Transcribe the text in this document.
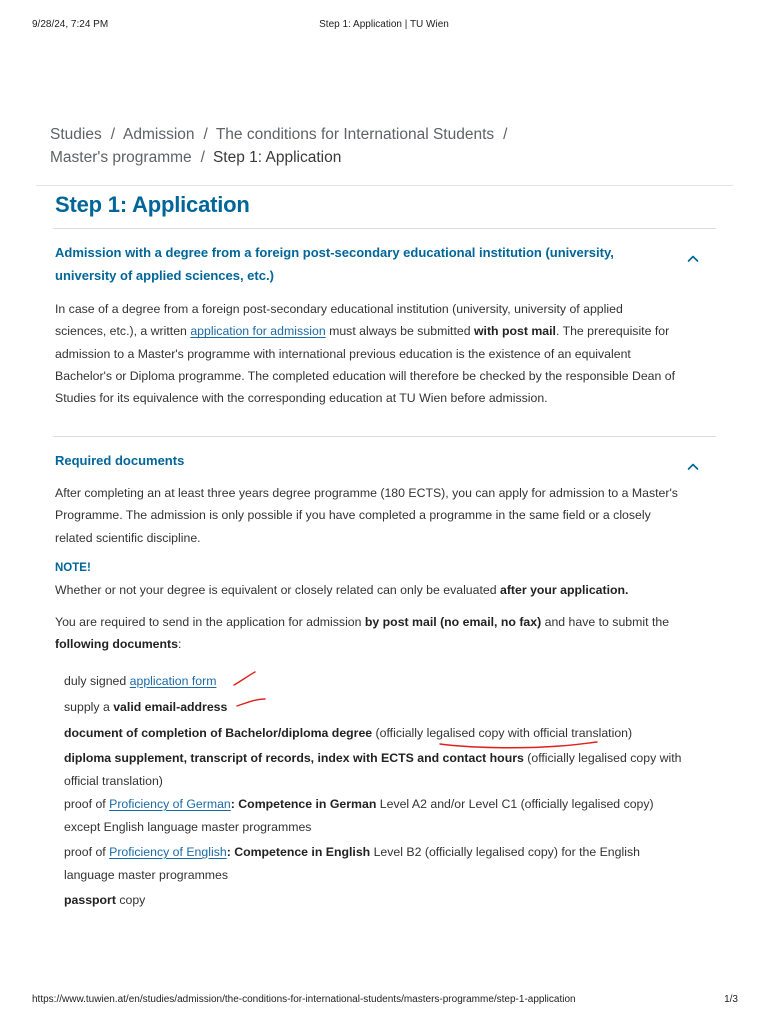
9/28/24, 7:24 PM	Step 1: Application | TU Wien
Studies / Admission / The conditions for International Students /
Master's programme / Step 1: Application
Step 1: Application
Admission with a degree from a foreign post-secondary educational institution (university,
university of applied sciences, etc.)
In case of a degree from a foreign post-secondary educational institution (university, university of applied
sciences, etc.), a written application for admission must always be submitted with post mail. The prerequisite for
admission to a Master's programme with international previous education is the existence of an equivalent
Bachelor's or Diploma programme. The completed education will therefore be checked by the responsible Dean of
Studies for its equivalence with the corresponding education at TU Wien before admission.
Required documents
After completing an at least three years degree programme (180 ECTS), you can apply for admission to a Master's
Programme. The admission is only possible if you have completed a programme in the same field or a closely
related scientific discipline.
NOTE!
Whether or not your degree is equivalent or closely related can only be evaluated after your application.
You are required to send in the application for admission by post mail (no email, no fax) and have to submit the
following documents:
duly signed application form
supply a valid email-address
document of completion of Bachelor/diploma degree (officially legalised copy with official translation)
diploma supplement, transcript of records, index with ECTS and contact hours (officially legalised copy with
official translation)
proof of Proficiency of German: Competence in German Level A2 and/or Level C1 (officially legalised copy)
except English language master programmes
proof of Proficiency of English: Competence in English Level B2 (officially legalised copy) for the English
language master programmes
passport copy
https://www.tuwien.at/en/studies/admission/the-conditions-for-international-students/masters-programme/step-1-application	1/3
